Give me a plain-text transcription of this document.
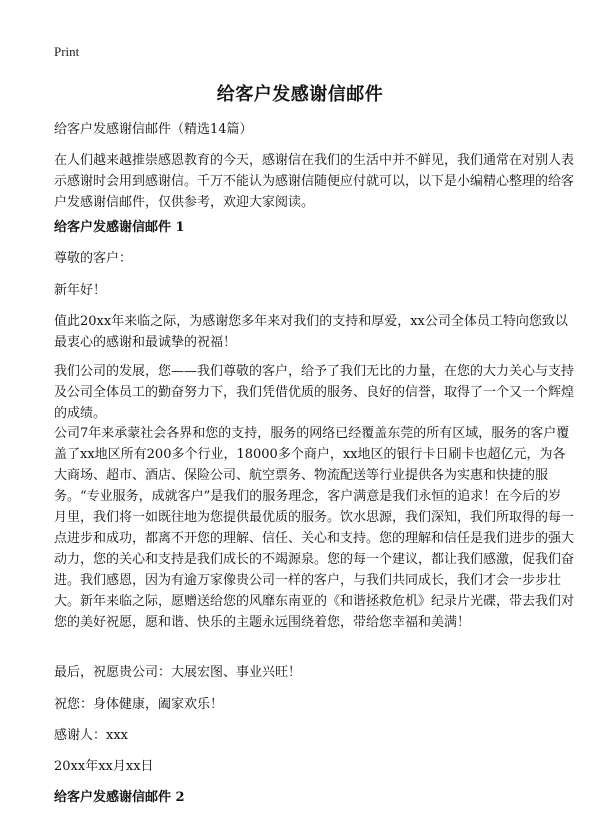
Print
给客户发感谢信邮件
给客户发感谢信邮件（精选14篇）
在人们越来越推崇感恩教育的今天，感谢信在我们的生活中并不鲜见，我们通常在对别人表示感谢时会用到感谢信。千万不能认为感谢信随便应付就可以，以下是小编精心整理的给客户发感谢信邮件，仅供参考，欢迎大家阅读。
给客户发感谢信邮件 1
尊敬的客户：
新年好！
值此20xx年来临之际，为感谢您多年来对我们的支持和厚爱，xx公司全体员工特向您致以最衷心的感谢和最诚挚的祝福！
我们公司的发展，您——我们尊敬的客户，给予了我们无比的力量，在您的大力关心与支持及公司全体员工的勤奋努力下，我们凭借优质的服务、良好的信誉，取得了一个又一个辉煌的成绩。
公司7年来承蒙社会各界和您的支持，服务的网络已经覆盖东莞的所有区域，服务的客户覆盖了xx地区所有200多个行业，18000多个商户，xx地区的银行卡日刷卡也超亿元，为各大商场、超市、酒店、保险公司、航空票务、物流配送等行业提供各为实惠和快捷的服务。“专业服务，成就客户”是我们的服务理念，客户满意是我们永恒的追求！在今后的岁月里，我们将一如既往地为您提供最优质的服务。饮水思源，我们深知，我们所取得的每一点进步和成功，都离不开您的理解、信任、关心和支持。您的理解和信任是我们进步的强大动力，您的关心和支持是我们成长的不竭源泉。您的每一个建议，都让我们感激，促我们奋进。我们感恩，因为有逾万家像贵公司一样的客户，与我们共同成长，我们才会一步步壮大。新年来临之际，愿赠送给您的风靡东南亚的《和谐拯救危机》纪录片光碟，带去我们对您的美好祝愿，愿和谐、快乐的主题永远围绕着您，带给您幸福和美满！
最后，祝愿贵公司：大展宏图、事业兴旺！
祝您：身体健康，阖家欢乐！
感谢人：xxx
20xx年xx月xx日
给客户发感谢信邮件 2
